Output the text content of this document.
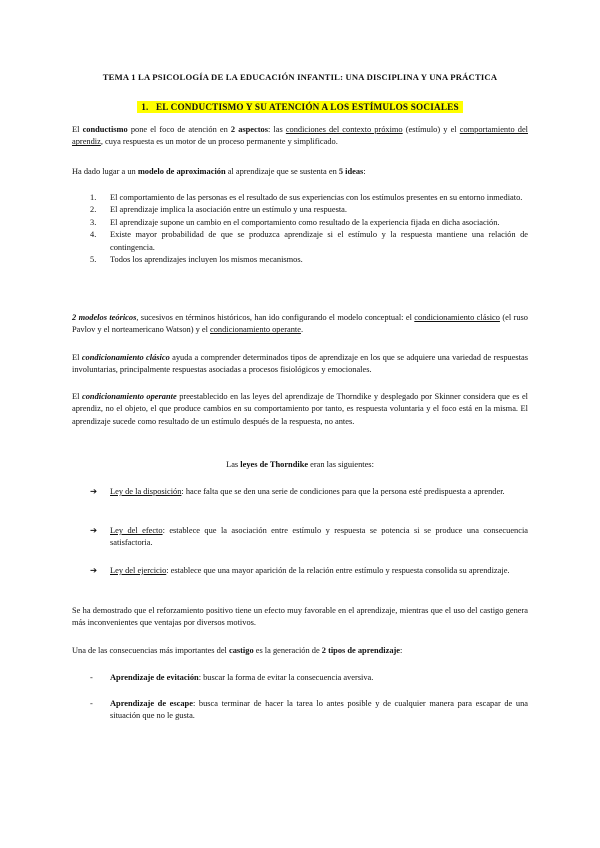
TEMA 1 LA PSICOLOGÍA DE LA EDUCACIÓN INFANTIL: UNA DISCIPLINA Y UNA PRÁCTICA
1. EL CONDUCTISMO Y SU ATENCIÓN A LOS ESTÍMULOS SOCIALES

El conductismo pone el foco de atención en 2 aspectos: las condiciones del contexto próximo (estímulo) y el comportamiento del aprendiz, cuya respuesta es un motor de un proceso permanente y simplificado.

Ha dado lugar a un modelo de aproximación al aprendizaje que se sustenta en 5 ideas:

1. El comportamiento de las personas es el resultado de sus experiencias con los estímulos presentes en su entorno inmediato.
2. El aprendizaje implica la asociación entre un estímulo y una respuesta.
3. El aprendizaje supone un cambio en el comportamiento como resultado de la experiencia fijada en dicha asociación.
4. Existe mayor probabilidad de que se produzca aprendizaje si el estímulo y la respuesta mantiene una relación de contingencia.
5. Todos los aprendizajes incluyen los mismos mecanismos.

2 modelos teóricos, sucesivos en términos históricos, han ido configurando el modelo conceptual: el condicionamiento clásico (el ruso Pavlov y el norteamericano Watson) y el condicionamiento operante.

El condicionamiento clásico ayuda a comprender determinados tipos de aprendizaje en los que se adquiere una variedad de respuestas involuntarias, principalmente respuestas asociadas a procesos fisiológicos y emocionales.

El condicionamiento operante preestablecido en las leyes del aprendizaje de Thorndike y desplegado por Skinner considera que es el aprendiz, no el objeto, el que produce cambios en su comportamiento por tanto, es respuesta voluntaria y el foco está en la misma. El aprendizaje sucede como resultado de un estímulo después de la respuesta, no antes.

Las leyes de Thorndike eran las siguientes:
➔ Ley de la disposición: hace falta que se den una serie de condiciones para que la persona esté predispuesta a aprender.
➔ Ley del efecto: establece que la asociación entre estímulo y respuesta se potencia si se produce una consecuencia satisfactoria.
➔ Ley del ejercicio: establece que una mayor aparición de la relación entre estímulo y respuesta consolida su aprendizaje.

Se ha demostrado que el reforzamiento positivo tiene un efecto muy favorable en el aprendizaje, mientras que el uso del castigo genera más inconvenientes que ventajas por diversos motivos.

Una de las consecuencias más importantes del castigo es la generación de 2 tipos de aprendizaje:

- Aprendizaje de evitación: buscar la forma de evitar la consecuencia aversiva.
- Aprendizaje de escape: busca terminar de hacer la tarea lo antes posible y de cualquier manera para escapar de una situación que no le gusta.
